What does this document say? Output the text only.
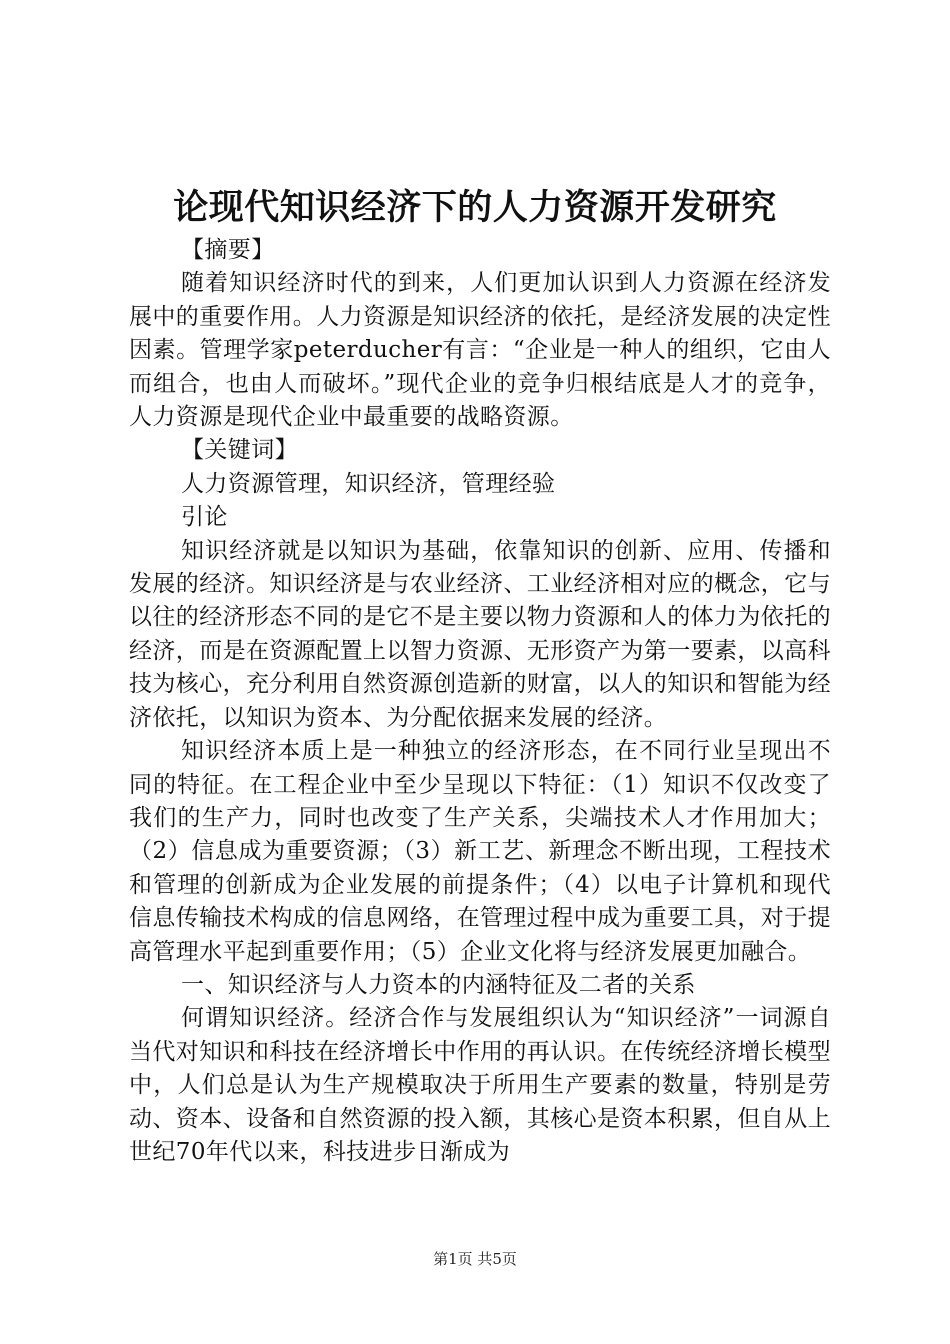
论现代知识经济下的人力资源开发研究

【摘要】

随着知识经济时代的到来，人们更加认识到人力资源在经济发展中的重要作用。人力资源是知识经济的依托，是经济发展的决定性因素。管理学家peterducher有言：“企业是一种人的组织，它由人而组合，也由人而破坏。”现代企业的竞争归根结底是人才的竞争，人力资源是现代企业中最重要的战略资源。

【关键词】

人力资源管理，知识经济，管理经验

引论

知识经济就是以知识为基础，依靠知识的创新、应用、传播和发展的经济。知识经济是与农业经济、工业经济相对应的概念，它与以往的经济形态不同的是它不是主要以物力资源和人的体力为依托的经济，而是在资源配置上以智力资源、无形资产为第一要素，以高科技为核心，充分利用自然资源创造新的财富，以人的知识和智能为经济依托，以知识为资本、为分配依据来发展的经济。

知识经济本质上是一种独立的经济形态，在不同行业呈现出不同的特征。在工程企业中至少呈现以下特征：（1）知识不仅改变了我们的生产力，同时也改变了生产关系，尖端技术人才作用加大；（2）信息成为重要资源；（3）新工艺、新理念不断出现，工程技术和管理的创新成为企业发展的前提条件；（4）以电子计算机和现代信息传输技术构成的信息网络，在管理过程中成为重要工具，对于提高管理水平起到重要作用；（5）企业文化将与经济发展更加融合。

一、知识经济与人力资本的内涵特征及二者的关系

何谓知识经济。经济合作与发展组织认为“知识经济”一词源自当代对知识和科技在经济增长中作用的再认识。在传统经济增长模型中，人们总是认为生产规模取决于所用生产要素的数量，特别是劳动、资本、设备和自然资源的投入额，其核心是资本积累，但自从上世纪70年代以来，科技进步日渐成为

第1页 共5页
